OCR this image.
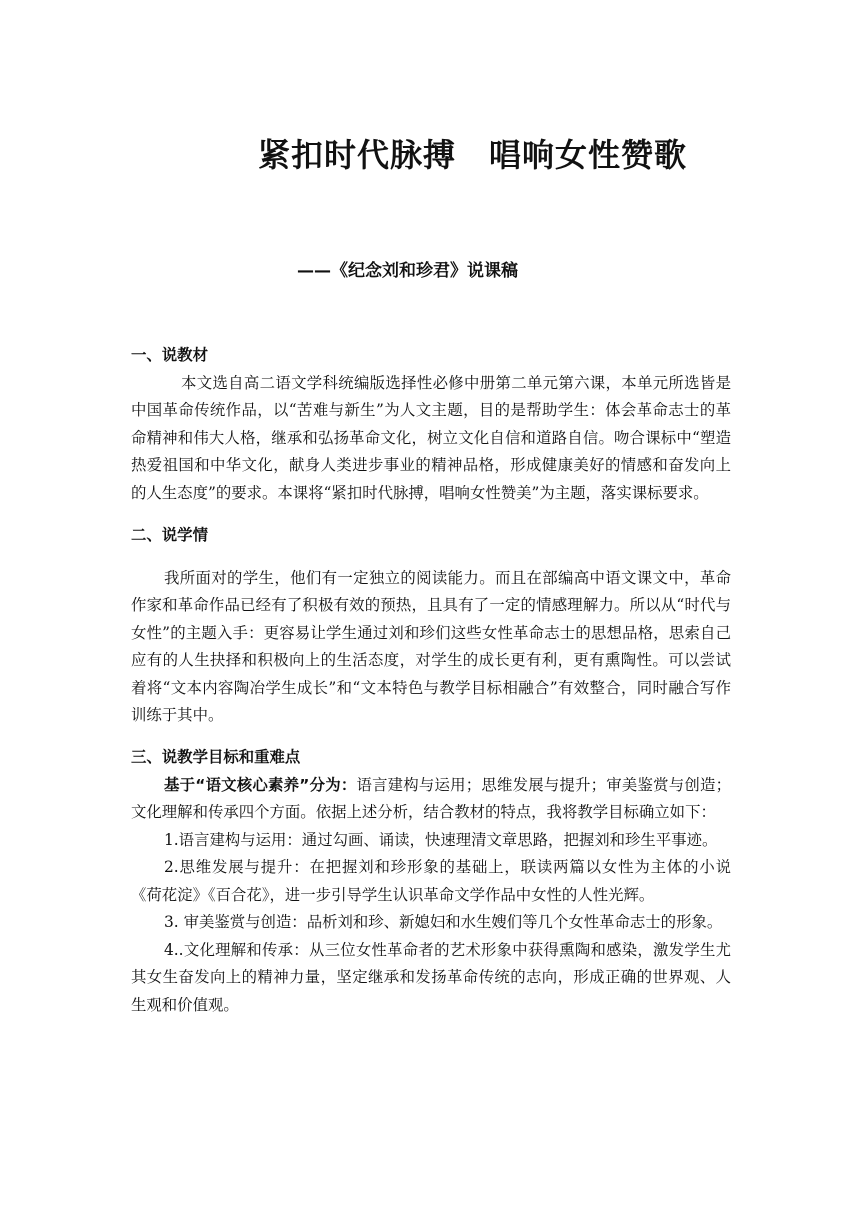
紧扣时代脉搏　唱响女性赞歌
——《纪念刘和珍君》说课稿
一、说教材

本文选自高二语文学科统编版选择性必修中册第二单元第六课，本单元所选皆是中国革命传统作品，以“苦难与新生”为人文主题，目的是帮助学生：体会革命志士的革命精神和伟大人格，继承和弘扬革命文化，树立文化自信和道路自信。吻合课标中“塑造热爱祖国和中华文化，献身人类进步事业的精神品格，形成健康美好的情感和奋发向上的人生态度”的要求。本课将“紧扣时代脉搏，唱响女性赞美”为主题，落实课标要求。

二、说学情

我所面对的学生，他们有一定独立的阅读能力。而且在部编高中语文课文中，革命作家和革命作品已经有了积极有效的预热，且具有了一定的情感理解力。所以从“时代与女性”的主题入手：更容易让学生通过刘和珍们这些女性革命志士的思想品格，思索自己应有的人生抉择和积极向上的生活态度，对学生的成长更有利，更有熏陶性。可以尝试着将“文本内容陶冶学生成长”和“文本特色与教学目标相融合”有效整合，同时融合写作训练于其中。

三、说教学目标和重难点

基于“语文核心素养”分为：语言建构与运用；思维发展与提升；审美鉴赏与创造；文化理解和传承四个方面。依据上述分析，结合教材的特点，我将教学目标确立如下：

1.语言建构与运用：通过勾画、诵读，快速理清文章思路，把握刘和珍生平事迹。

2.思维发展与提升：在把握刘和珍形象的基础上，联读两篇以女性为主体的小说《荷花淀》《百合花》，进一步引导学生认识革命文学作品中女性的人性光辉。

3. 审美鉴赏与创造：品析刘和珍、新媳妇和水生嫂们等几个女性革命志士的形象。

4..文化理解和传承：从三位女性革命者的艺术形象中获得熏陶和感染，激发学生尤其女生奋发向上的精神力量，坚定继承和发扬革命传统的志向，形成正确的世界观、人生观和价值观。
